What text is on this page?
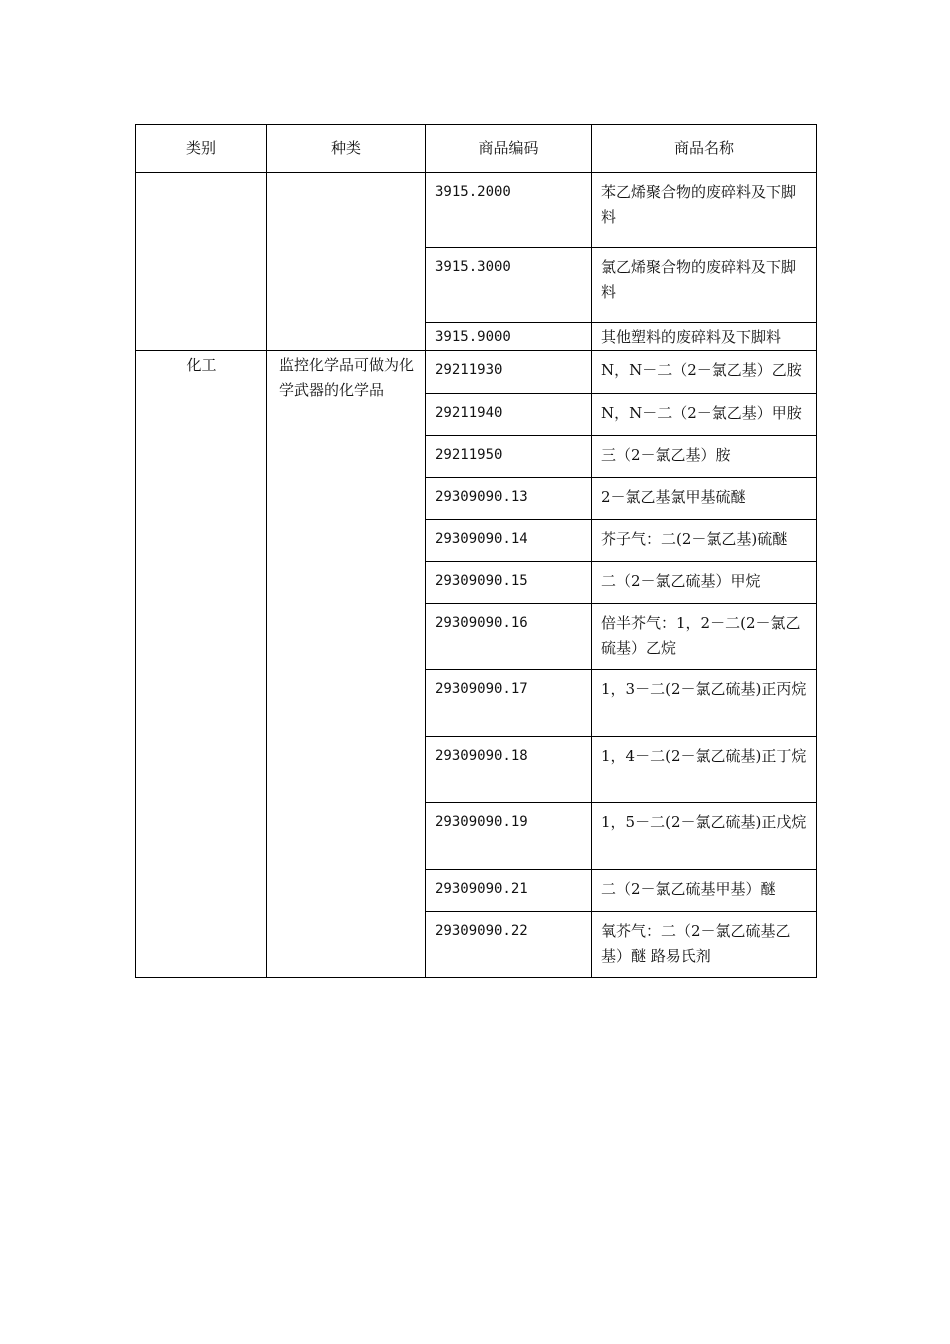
类别	种类	商品编码	商品名称

		3915.2000	苯乙烯聚合物的废碎料及下脚料

		3915.3000	氯乙烯聚合物的废碎料及下脚料

		3915.9000	其他塑料的废碎料及下脚料

化工	监控化学品可做为化学武器的化学品	29211930	N，N－二（2－氯乙基）乙胺

		29211940	N，N－二（2－氯乙基）甲胺

		29211950	三（2－氯乙基）胺

		29309090.13	2－氯乙基氯甲基硫醚

		29309090.14	芥子气：二(2－氯乙基)硫醚

		29309090.15	二（2－氯乙硫基）甲烷

		29309090.16	倍半芥气：1，2－二(2－氯乙硫基）乙烷

		29309090.17	1，3－二(2－氯乙硫基)正丙烷

		29309090.18	1，4－二(2－氯乙硫基)正丁烷

		29309090.19	1，5－二(2－氯乙硫基)正戊烷

		29309090.21	二（2－氯乙硫基甲基）醚

		29309090.22	氧芥气：二（2－氯乙硫基乙基）醚 路易氏剂
